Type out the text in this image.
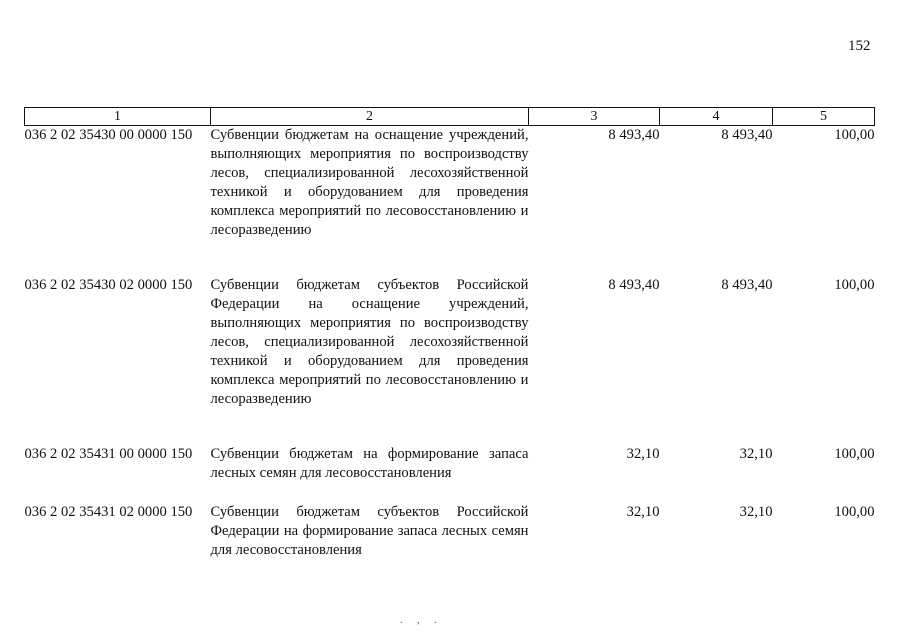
152
1	2	3	4	5
036 2 02 35430 00 0000 150	Субвенции бюджетам на оснащение учреждений, выполняющих мероприятия по воспроизводству лесов, специализированной лесохозяйственной техникой и оборудованием для проведения комплекса мероприятий по лесовосстановлению и лесоразведению	8 493,40	8 493,40	100,00

036 2 02 35430 02 0000 150	Субвенции бюджетам субъектов Российской Федерации на оснащение учреждений, выполняющих мероприятия по воспроизводству лесов, специализированной лесохозяйственной техникой и оборудованием для проведения комплекса мероприятий по лесовосстановлению и лесоразведению	8 493,40	8 493,40	100,00

036 2 02 35431 00 0000 150	Субвенции бюджетам на формирование запаса лесных семян для лесовосстановления	32,10	32,10	100,00

036 2 02 35431 02 0000 150	Субвенции бюджетам субъектов Российской Федерации на формирование запаса лесных семян для лесовосстановления	32,10	32,10	100,00
. , .
